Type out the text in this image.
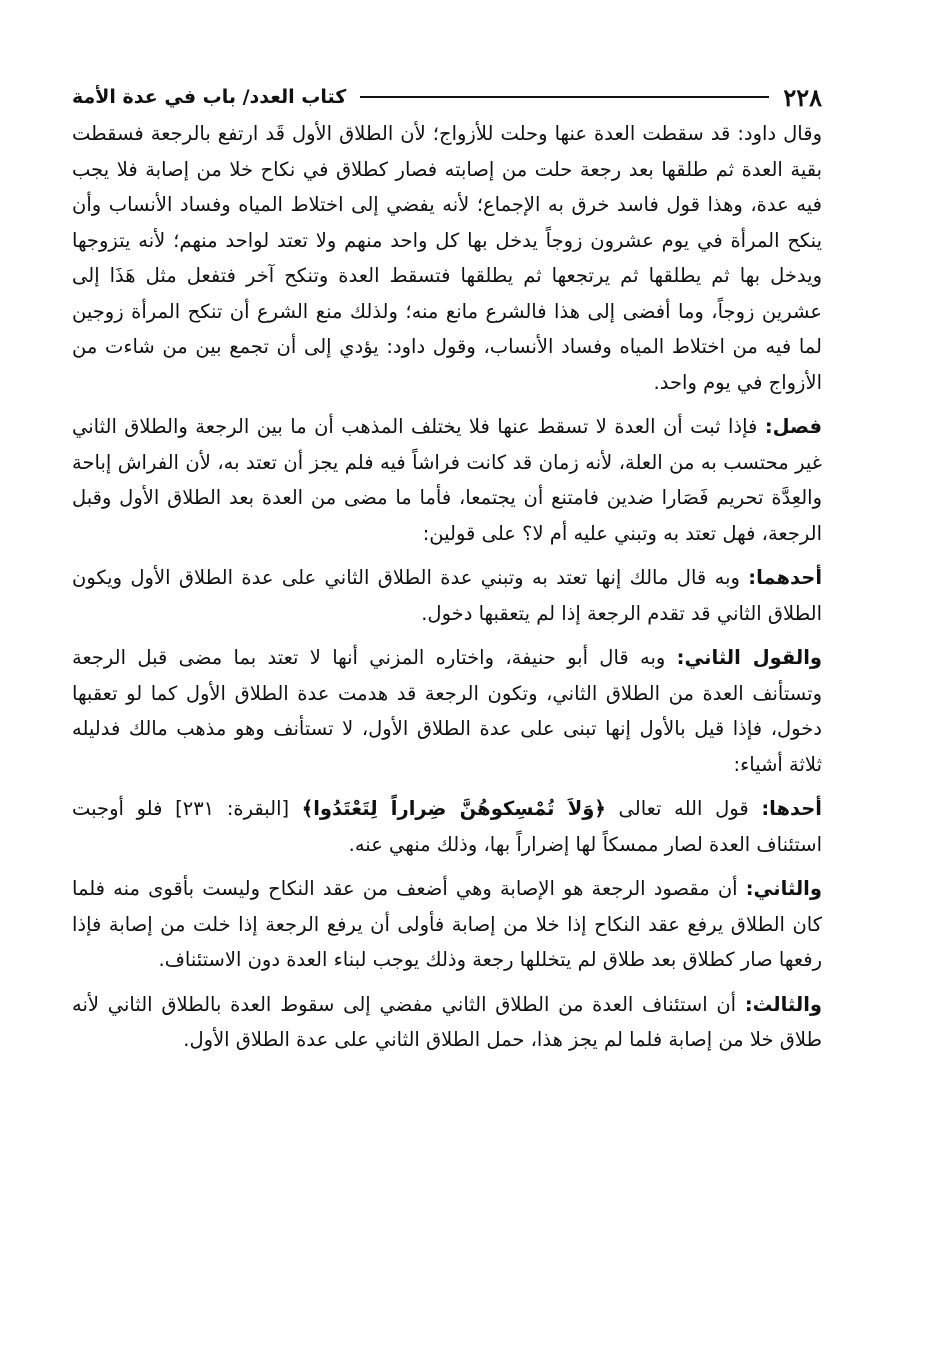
٢٢٨
كتاب العدد/ باب في عدة الأمة

وقال داود: قد سقطت العدة عنها وحلت للأزواج؛ لأن الطلاق الأول قَد ارتفع بالرجعة فسقطت بقية العدة ثم طلقها بعد رجعة حلت من إصابته فصار كطلاق في نكاح خلا من إصابة فلا يجب فيه عدة، وهذا قول فاسد خرق به الإجماع؛ لأنه يفضي إلى اختلاط المياه وفساد الأنساب وأن ينكح المرأة في يوم عشرون زوجاً يدخل بها كل واحد منهم ولا تعتد لواحد منهم؛ لأنه يتزوجها ويدخل بها ثم يطلقها ثم يرتجعها ثم يطلقها فتسقط العدة وتنكح آخر فتفعل مثل هَذَا إلى عشرين زوجاً، وما أفضى إلى هذا فالشرع مانع منه؛ ولذلك منع الشرع أن تنكح المرأة زوجين لما فيه من اختلاط المياه وفساد الأنساب، وقول داود: يؤدي إلى أن تجمع بين من شاءت من الأزواج في يوم واحد.

فصل: فإذا ثبت أن العدة لا تسقط عنها فلا يختلف المذهب أن ما بين الرجعة والطلاق الثاني غير محتسب به من العلة، لأنه زمان قد كانت فراشاً فيه فلم يجز أن تعتد به، لأن الفراش إباحة والعِدَّة تحريم فَصَارا ضدين فامتنع أن يجتمعا، فأما ما مضى من العدة بعد الطلاق الأول وقبل الرجعة، فهل تعتد به وتبني عليه أم لا؟ على قولين:

أحدهما: وبه قال مالك إنها تعتد به وتبني عدة الطلاق الثاني على عدة الطلاق الأول ويكون الطلاق الثاني قد تقدم الرجعة إذا لم يتعقبها دخول.

والقول الثاني: وبه قال أبو حنيفة، واختاره المزني أنها لا تعتد بما مضى قبل الرجعة وتستأنف العدة من الطلاق الثاني، وتكون الرجعة قد هدمت عدة الطلاق الأول كما لو تعقبها دخول، فإذا قيل بالأول إنها تبنى على عدة الطلاق الأول، لا تستأنف وهو مذهب مالك فدليله ثلاثة أشياء:

أحدها: قول الله تعالى ﴿وَلاَ تُمْسِكوهُنَّ ضِراراً لِتَعْتَدُوا﴾ [البقرة: ٢٣١] فلو أوجبت استئناف العدة لصار ممسكاً لها إضراراً بها، وذلك منهي عنه.

والثاني: أن مقصود الرجعة هو الإصابة وهي أضعف من عقد النكاح وليست بأقوى منه فلما كان الطلاق يرفع عقد النكاح إذا خلا من إصابة فأولى أن يرفع الرجعة إذا خلت من إصابة فإذا رفعها صار كطلاق بعد طلاق لم يتخللها رجعة وذلك يوجب لبناء العدة دون الاستئناف.

والثالث: أن استئناف العدة من الطلاق الثاني مفضي إلى سقوط العدة بالطلاق الثاني لأنه طلاق خلا من إصابة فلما لم يجز هذا، حمل الطلاق الثاني على عدة الطلاق الأول.
